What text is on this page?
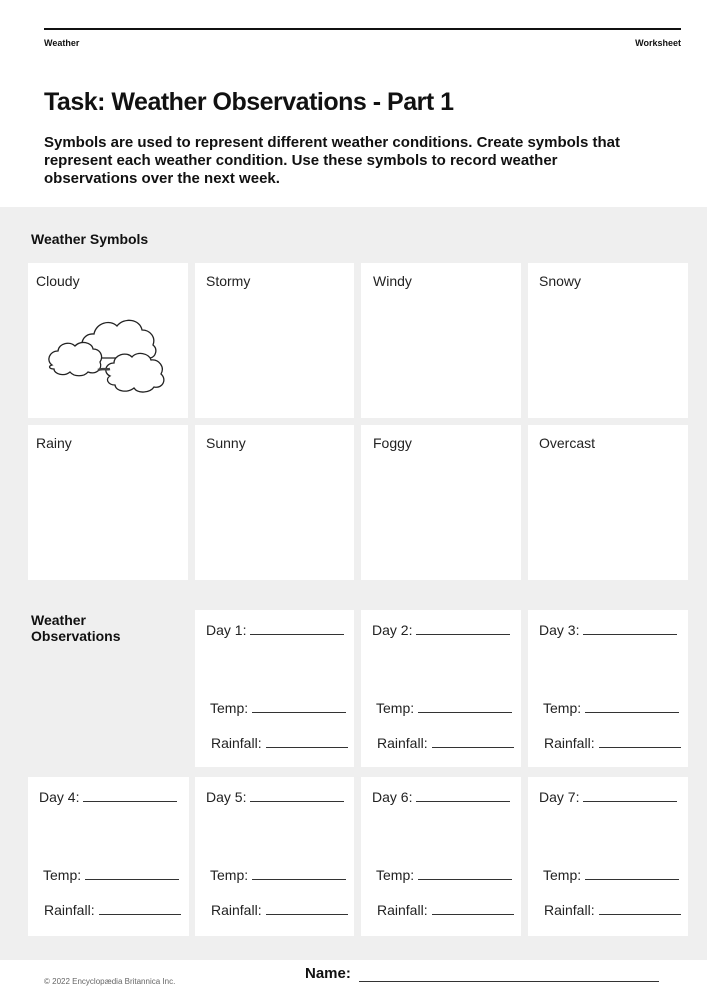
Weather	Worksheet
Task: Weather Observations - Part 1
Symbols are used to represent different weather conditions. Create symbols that represent each weather condition. Use these symbols to record weather observations over the next week.
Weather Symbols
Cloudy	Stormy	Windy	Snowy
Rainy	Sunny	Foggy	Overcast
Weather
Observations	Day 1:
Temp:
Rainfall:
Day 2:
Temp:
Rainfall:
Day 3:
Temp:
Rainfall:
Day 4:
Temp:
Rainfall:
Day 5:
Temp:
Rainfall:
Day 6:
Temp:
Rainfall:
Day 7:
Temp:
Rainfall:
© 2022 Encyclopædia Britannica Inc.	Name:
